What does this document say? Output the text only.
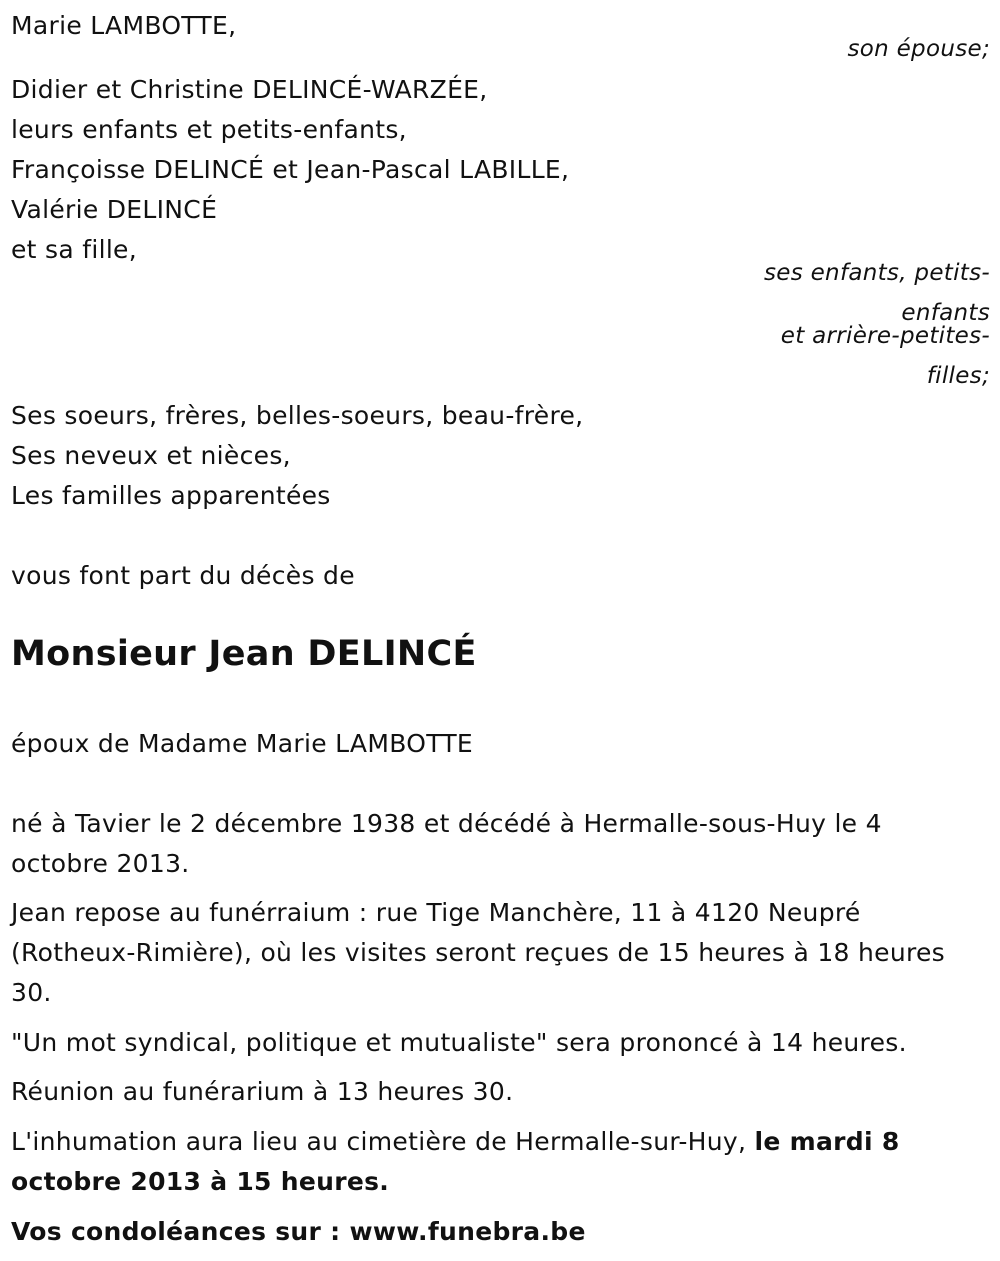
Marie LAMBOTTE,
son épouse;
Didier et Christine DELINCÉ-WARZÉE,
leurs enfants et petits-enfants,
Françoisse DELINCÉ et Jean-Pascal LABILLE,
Valérie DELINCÉ
et sa fille,
ses enfants, petits-
enfants
et arrière-petites-
filles;
Ses soeurs, frères, belles-soeurs, beau-frère,
Ses neveux et nièces,
Les familles apparentées
vous font part du décès de
Monsieur Jean DELINCÉ
époux de Madame Marie LAMBOTTE
né à Tavier le 2 décembre 1938 et décédé à Hermalle-sous-Huy le 4
octobre 2013.
Jean repose au funérraium : rue Tige Manchère, 11 à 4120 Neupré
(Rotheux-Rimière), où les visites seront reçues de 15 heures à 18 heures
30.
"Un mot syndical, politique et mutualiste" sera prononcé à 14 heures.
Réunion au funérarium à 13 heures 30.
L'inhumation aura lieu au cimetière de Hermalle-sur-Huy, le mardi 8
octobre 2013 à 15 heures.
Vos condoléances sur : www.funebra.be
